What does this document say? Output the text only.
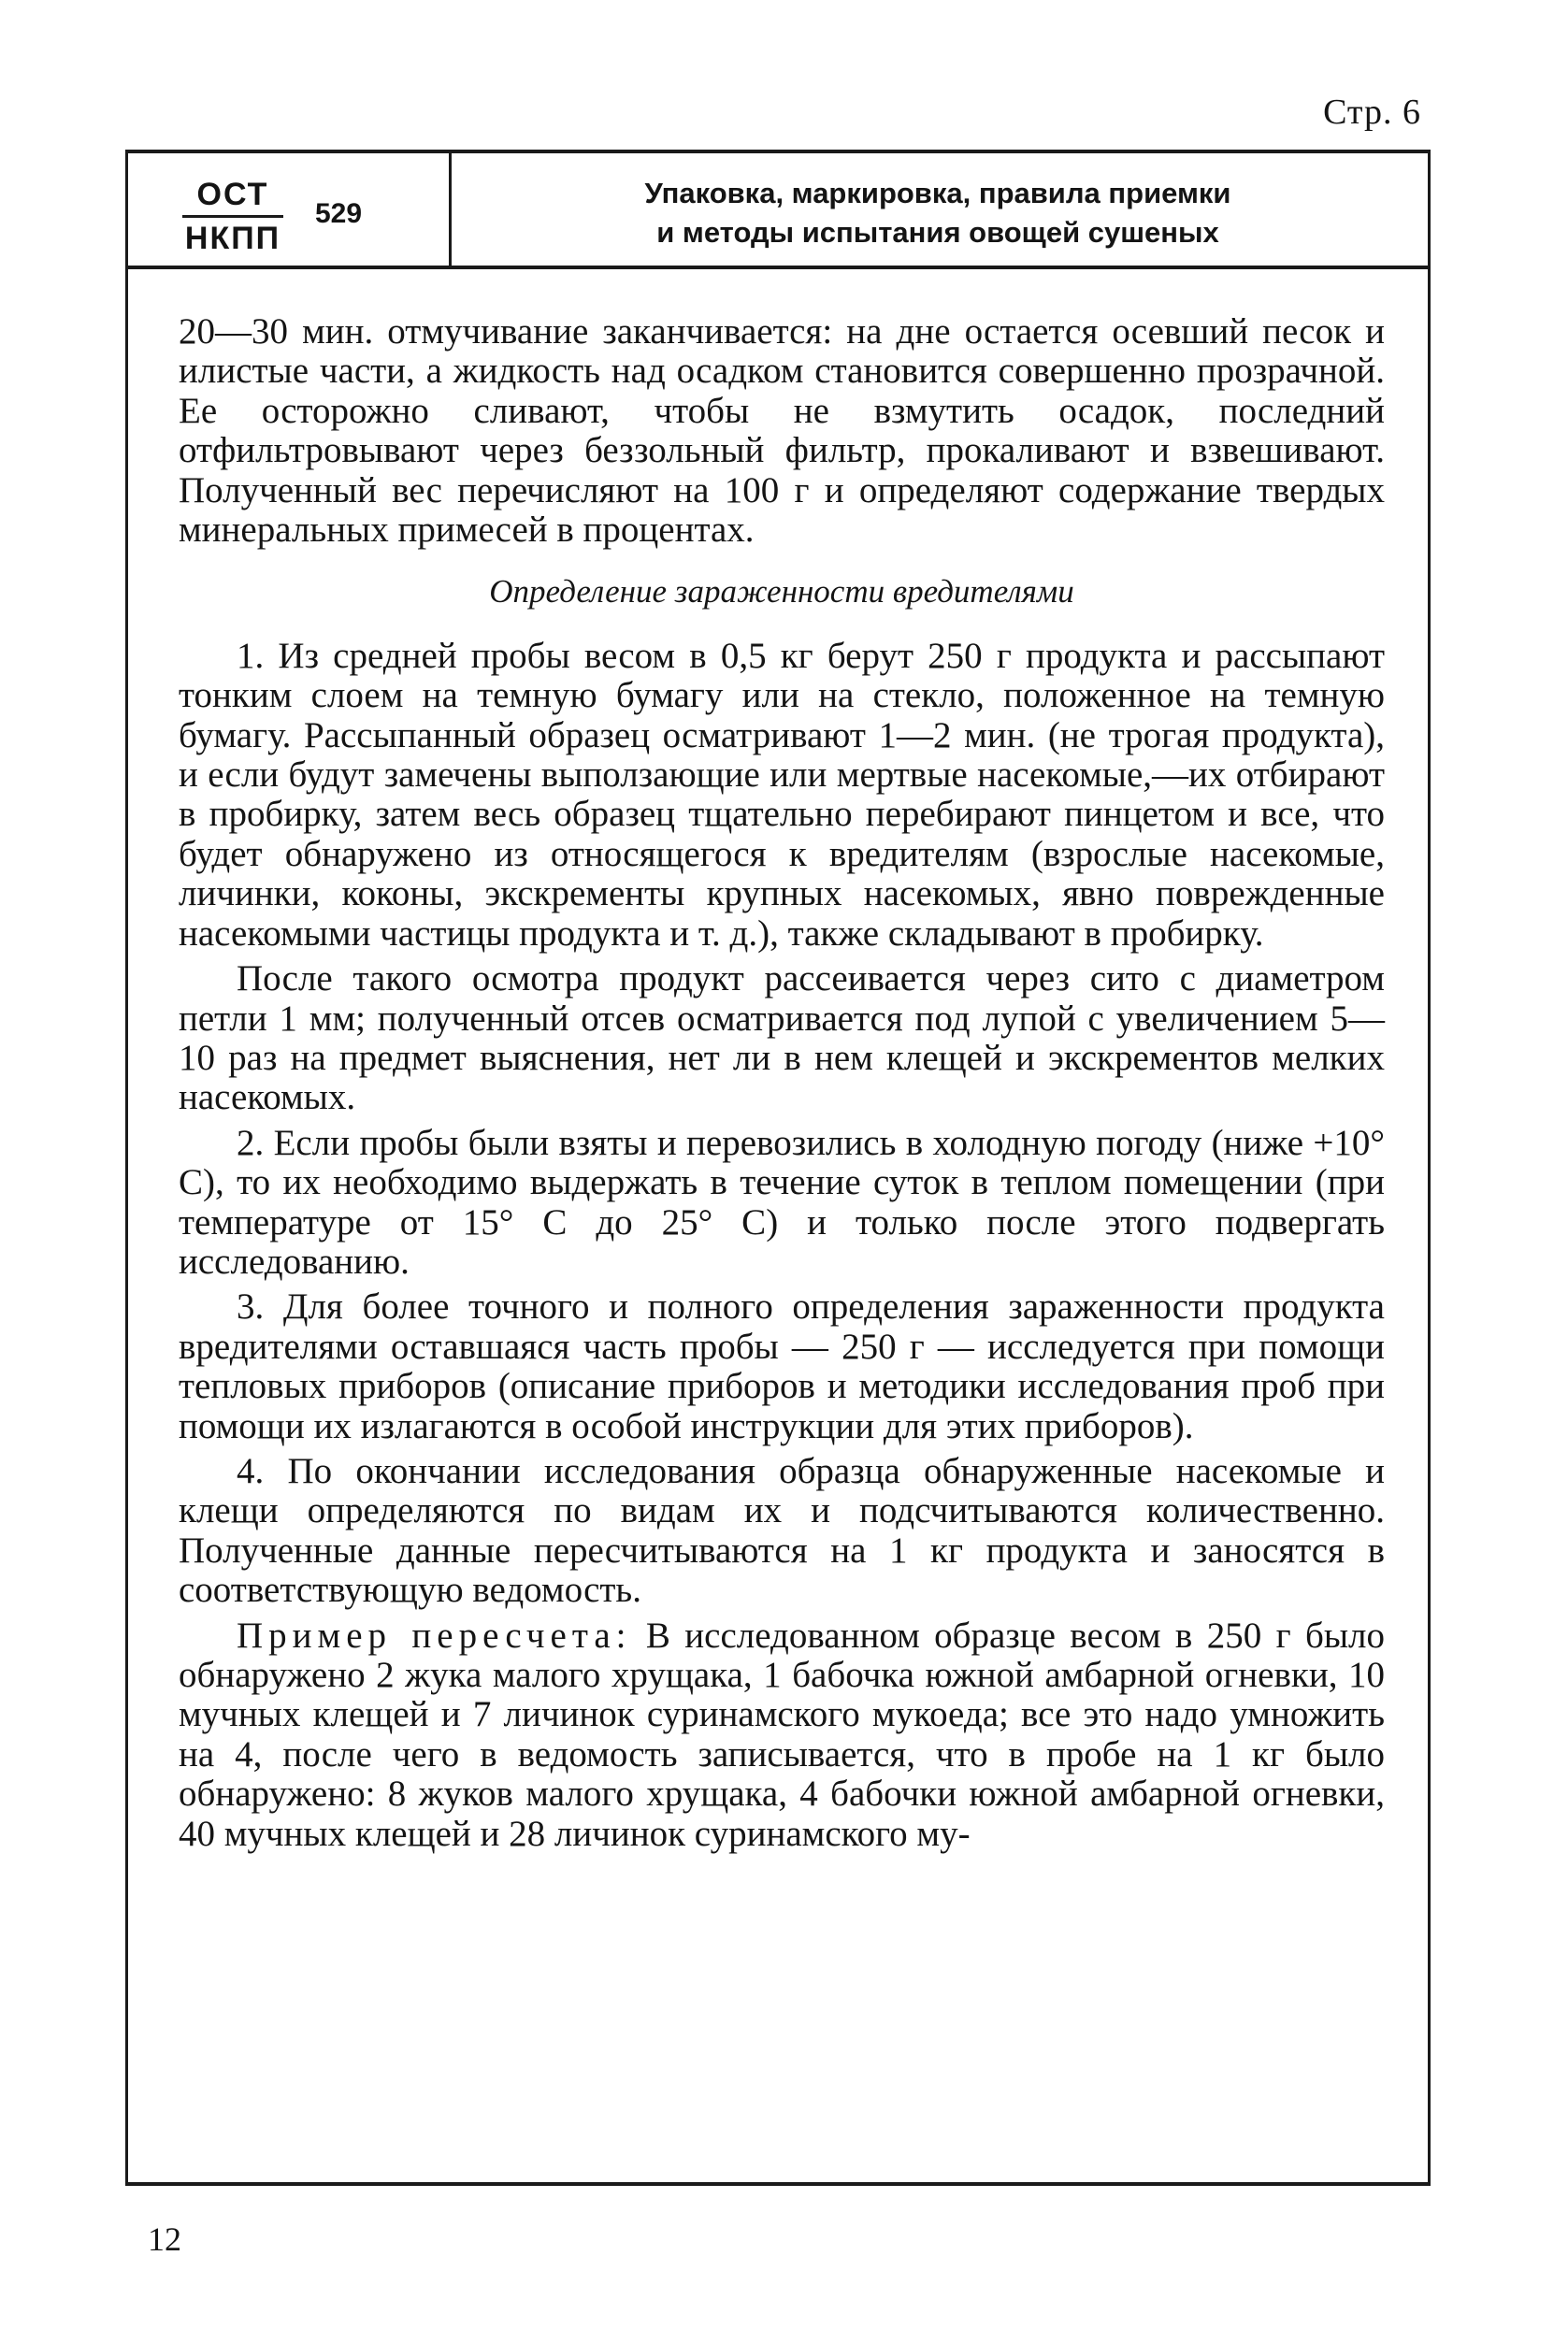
Стр. 6
ОСТ
НКПП
529
Упаковка, маркировка, правила приемки
и методы испытания овощей сушеных

20—30 мин. отмучивание заканчивается: на дне остается осевший песок и илистые части, а жидкость над осадком становится совершенно прозрачной. Ее осторожно сливают, чтобы не взмутить осадок, последний отфильтровывают через беззольный фильтр, прокаливают и взвешивают. Полученный вес перечисляют на 100 г и определяют содержание твердых минеральных примесей в процентах.

Определение зараженности вредителями

1. Из средней пробы весом в 0,5 кг берут 250 г продукта и рассыпают тонким слоем на темную бумагу или на стекло, положенное на темную бумагу. Рассыпанный образец осматривают 1—2 мин. (не трогая продукта), и если будут замечены выползающие или мертвые насекомые,—их отбирают в пробирку, затем весь образец тщательно перебирают пинцетом и все, что будет обнаружено из относящегося к вредителям (взрослые насекомые, личинки, коконы, экскременты крупных насекомых, явно поврежденные насекомыми частицы продукта и т. д.), также складывают в пробирку.

После такого осмотра продукт рассеивается через сито с диаметром петли 1 мм; полученный отсев осматривается под лупой с увеличением 5—10 раз на предмет выяснения, нет ли в нем клещей и экскрементов мелких насекомых.

2. Если пробы были взяты и перевозились в холодную погоду (ниже +10° С), то их необходимо выдержать в течение суток в теплом помещении (при температуре от 15° С до 25° С) и только после этого подвергать исследованию.

3. Для более точного и полного определения зараженности продукта вредителями оставшаяся часть пробы — 250 г — исследуется при помощи тепловых приборов (описание приборов и методики исследования проб при помощи их излагаются в особой инструкции для этих приборов).

4. По окончании исследования образца обнаруженные насекомые и клещи определяются по видам их и подсчитываются количественно. Полученные данные пересчитываются на 1 кг продукта и заносятся в соответствующую ведомость.

Пример пересчета: В исследованном образце весом в 250 г было обнаружено 2 жука малого хрущака, 1 бабочка южной амбарной огневки, 10 мучных клещей и 7 личинок суринамского мукоеда; все это надо умножить на 4, после чего в ведомость записывается, что в пробе на 1 кг было обнаружено: 8 жуков малого хрущака, 4 бабочки южной амбарной огневки, 40 мучных клещей и 28 личинок суринамского му-

12
